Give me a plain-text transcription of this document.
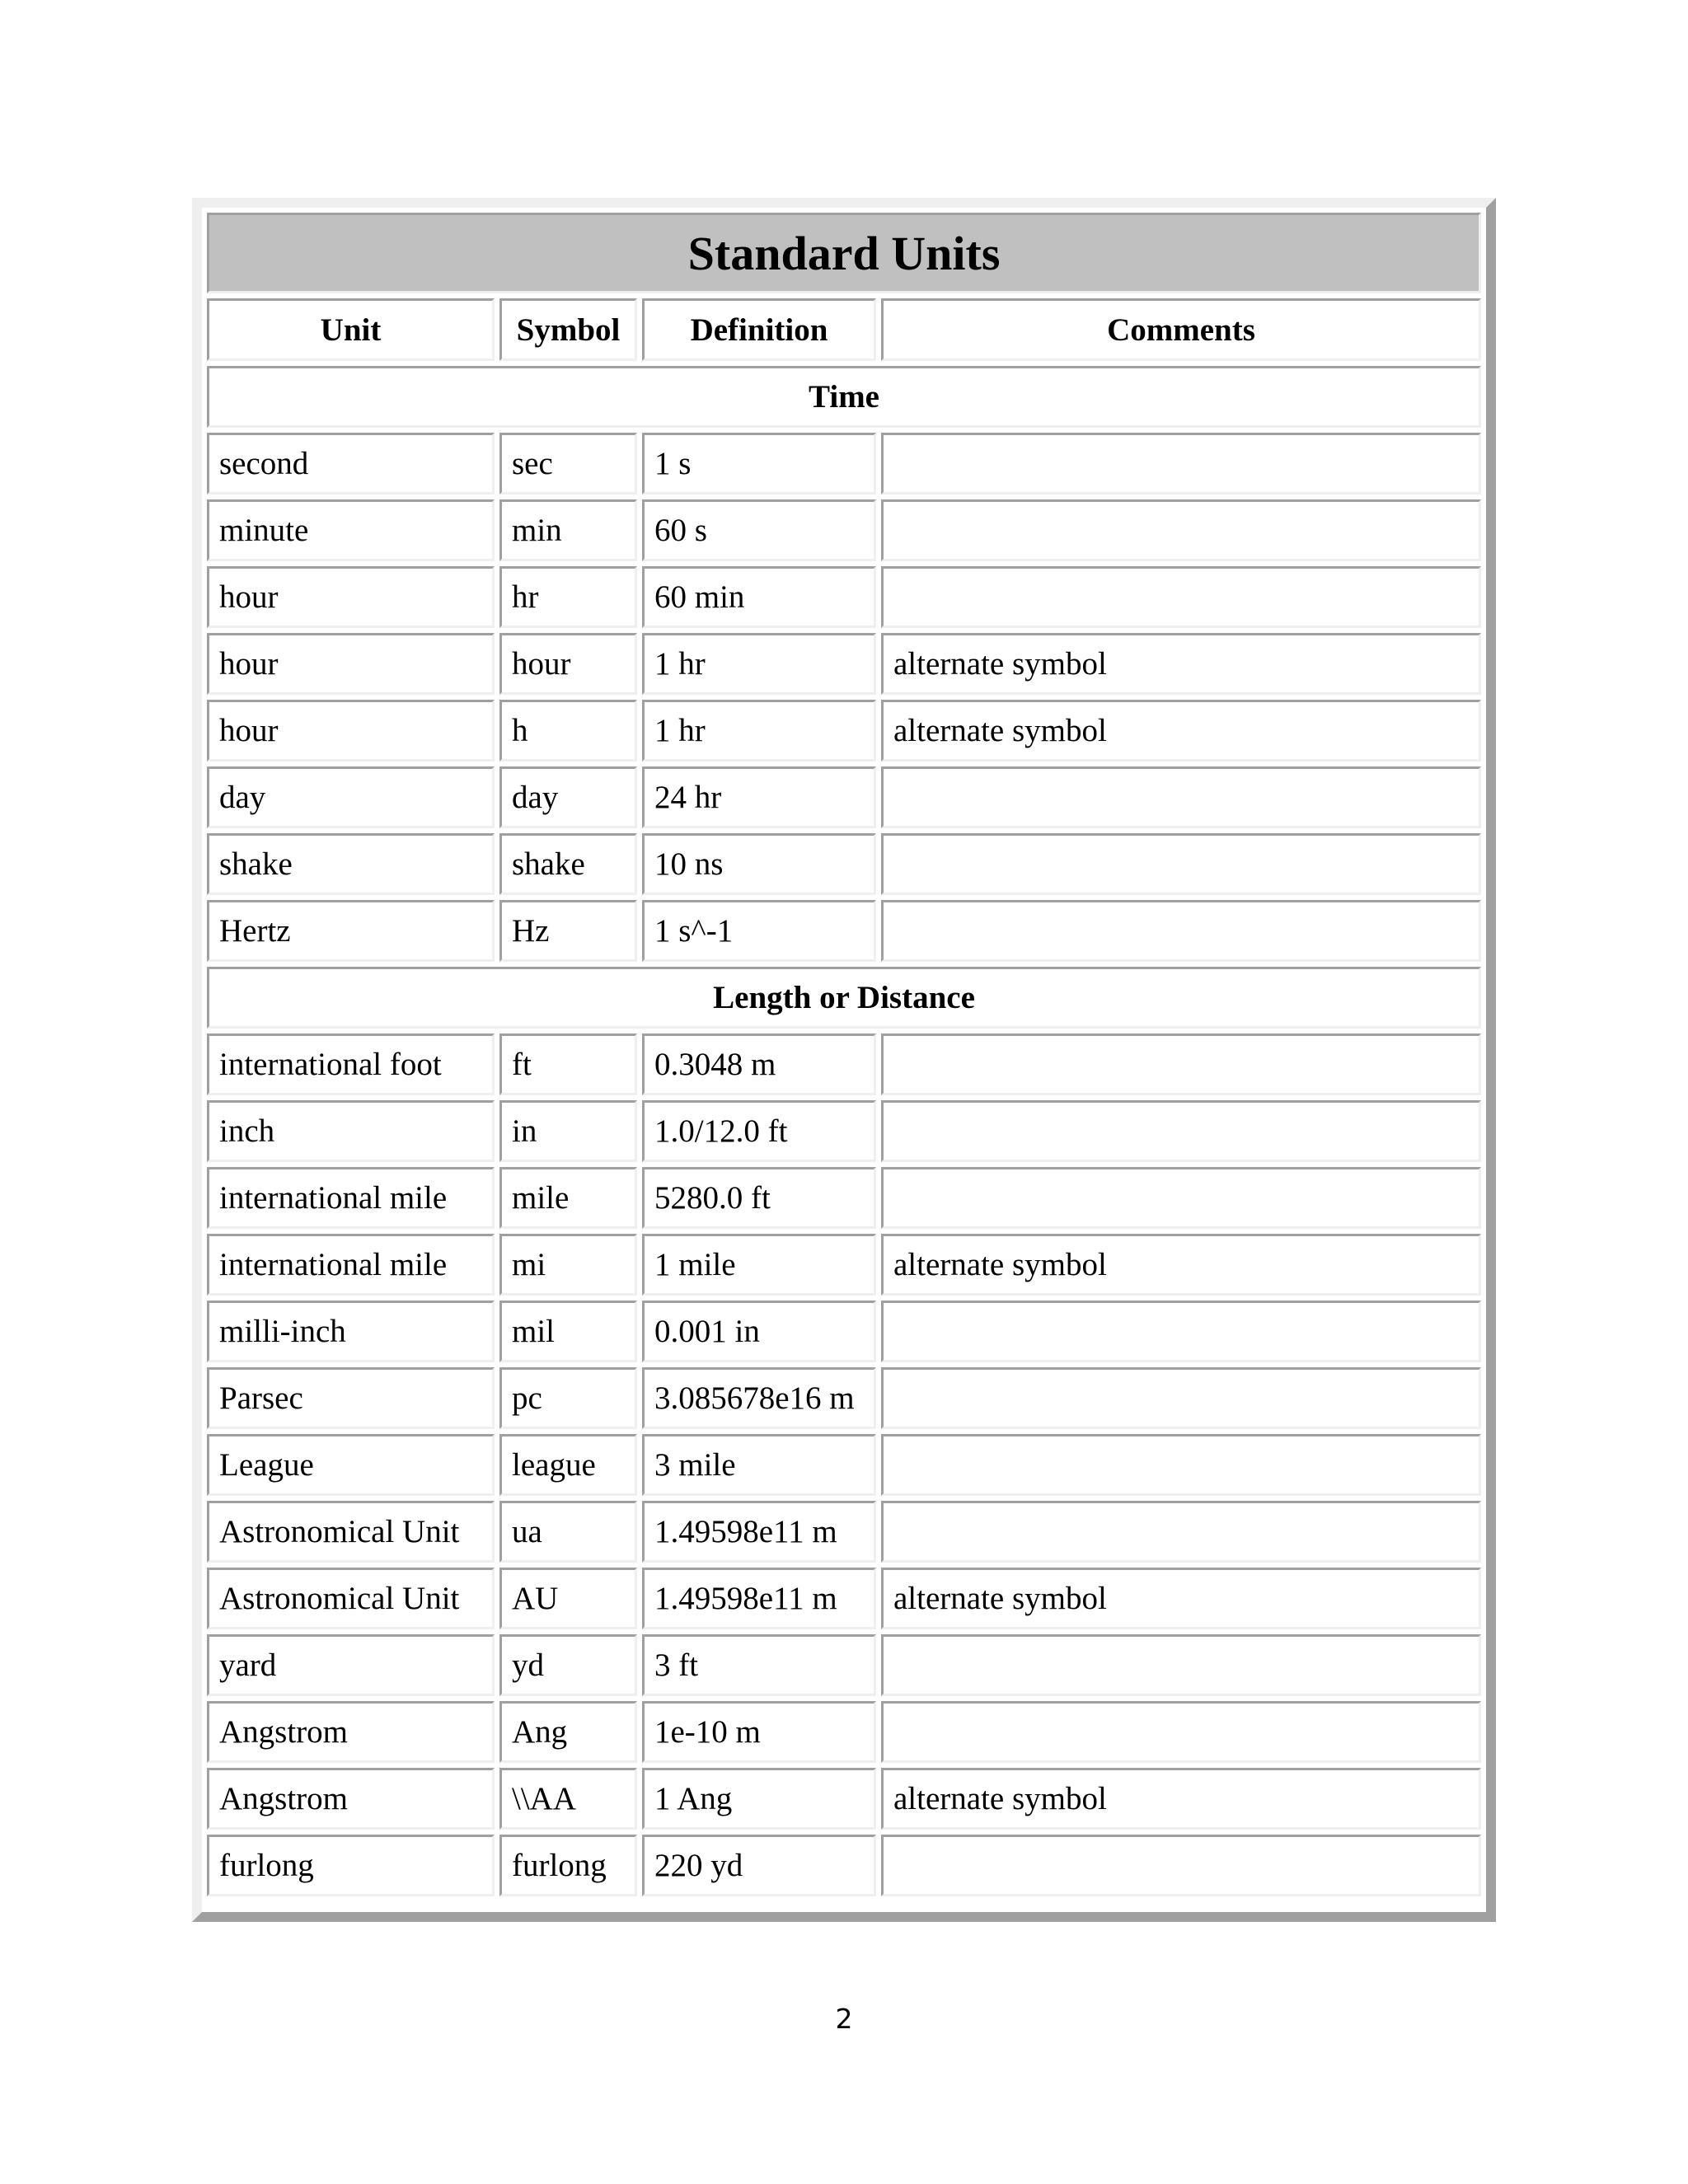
Standard Units			
Unit	Symbol	Definition	Comments
Time			
second	sec	1 s	
minute	min	60 s	
hour	hr	60 min	
hour	hour	1 hr	alternate symbol
hour	h	1 hr	alternate symbol
day	day	24 hr	
shake	shake	10 ns	
Hertz	Hz	1 s^-1	
Length or Distance			
international foot	ft	0.3048 m	
inch	in	1.0/12.0 ft	
international mile	mile	5280.0 ft	
international mile	mi	1 mile	alternate symbol
milli-inch	mil	0.001 in	
Parsec	pc	3.085678e16 m	
League	league	3 mile	
Astronomical Unit	ua	1.49598e11 m	
Astronomical Unit	AU	1.49598e11 m	alternate symbol
yard	yd	3 ft	
Angstrom	Ang	1e-10 m	
Angstrom	\\AA	1 Ang	alternate symbol
furlong	furlong	220 yd	
2
